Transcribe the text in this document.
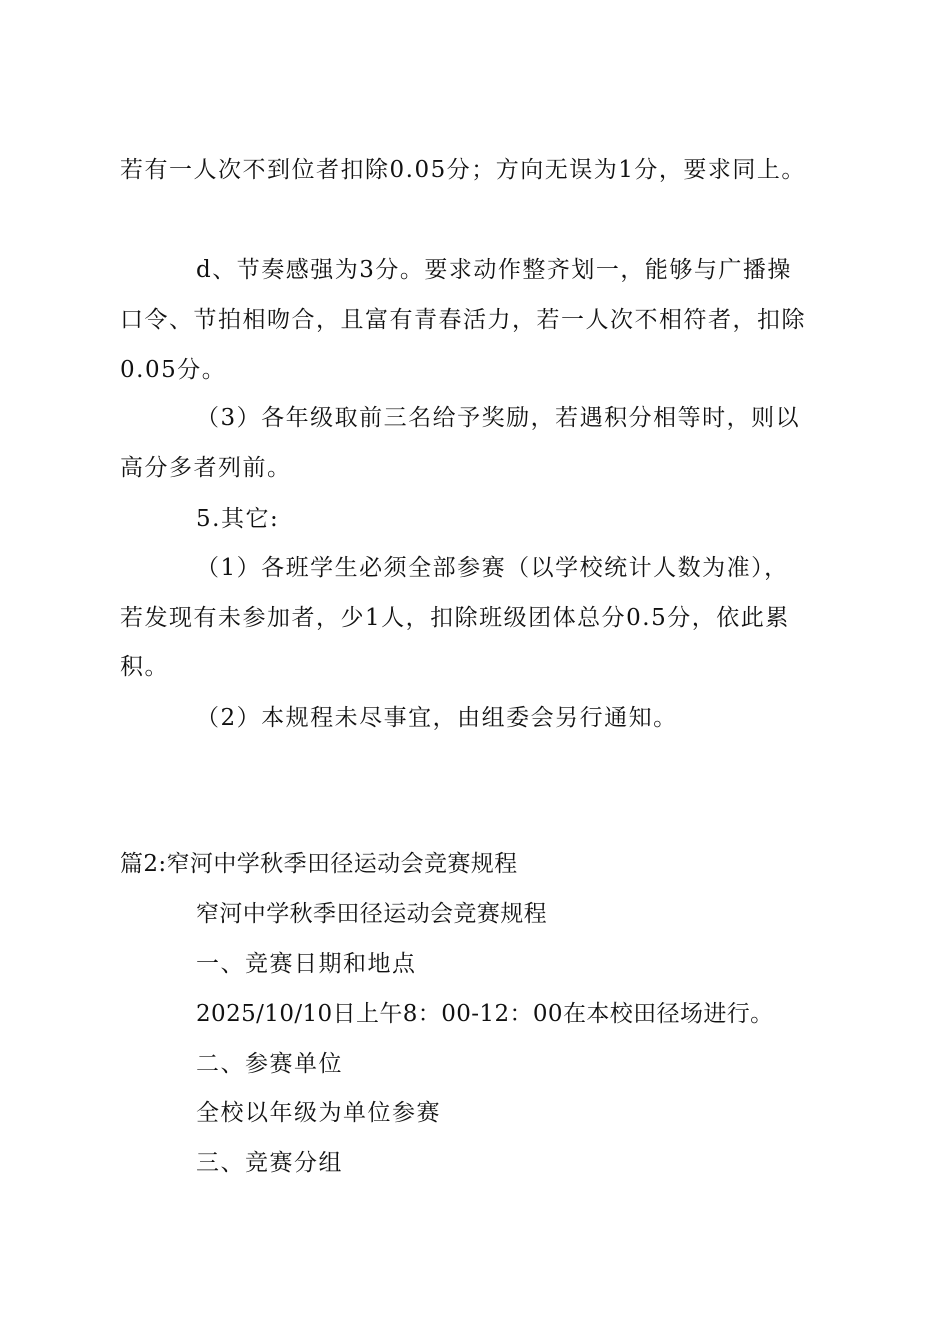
若有一人次不到位者扣除0.05分；方向无误为1分，要求同上。
d、节奏感强为3分。要求动作整齐划一，能够与广播操
口令、节拍相吻合，且富有青春活力，若一人次不相符者，扣除
0.05分。
（3）各年级取前三名给予奖励，若遇积分相等时，则以
高分多者列前。
5.其它:
（1）各班学生必须全部参赛（以学校统计人数为准），
若发现有未参加者，少1人，扣除班级团体总分0.5分，依此累
积。
（2）本规程未尽事宜，由组委会另行通知。
篇2:窄河中学秋季田径运动会竞赛规程
窄河中学秋季田径运动会竞赛规程
一、竞赛日期和地点
2025/10/10日上午8：00-12：00在本校田径场进行。
二、参赛单位
全校以年级为单位参赛
三、竞赛分组
